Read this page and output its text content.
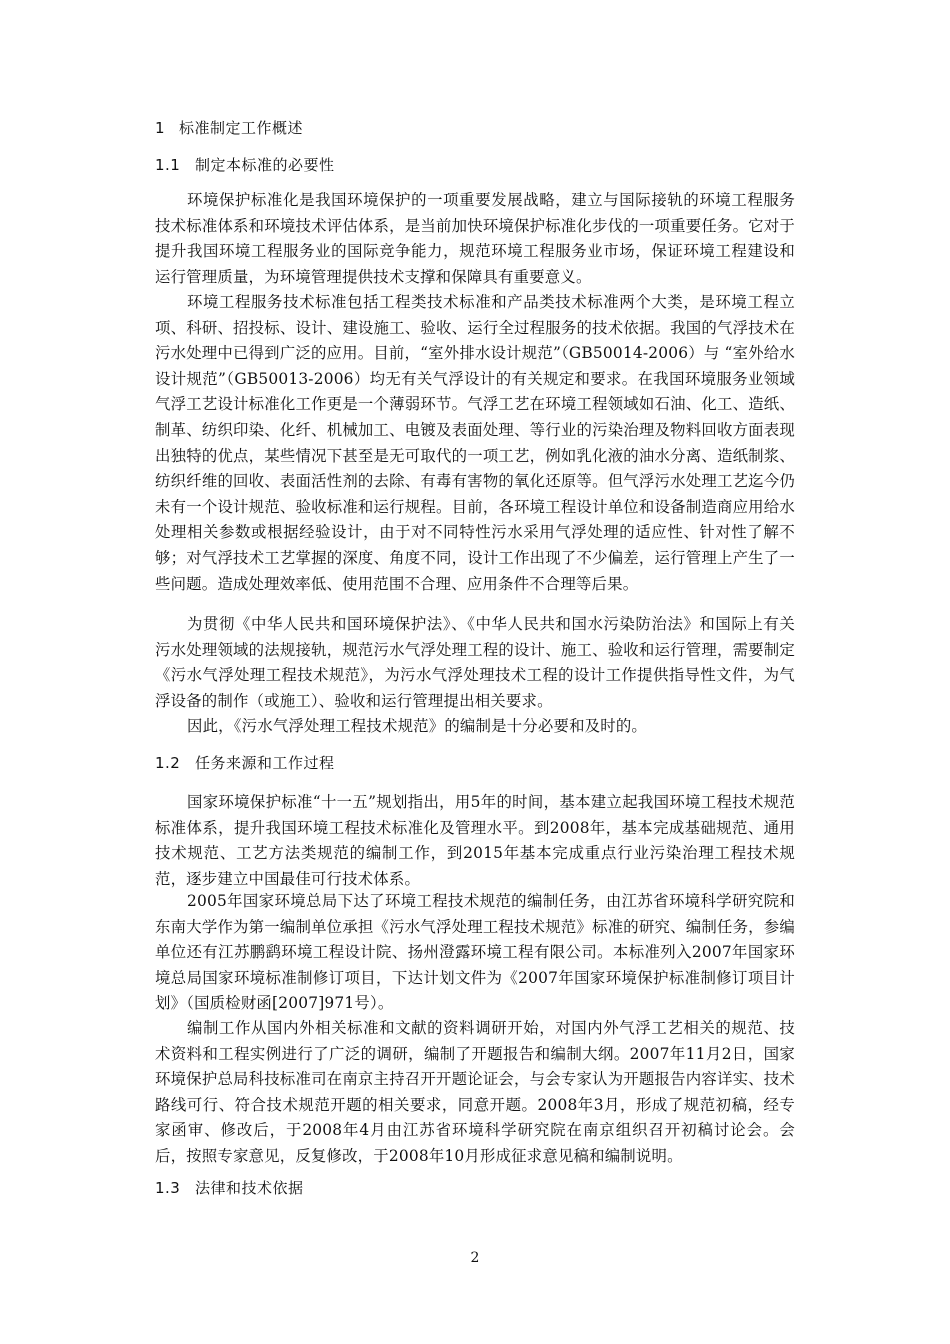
1 标准制定工作概述
1.1 制定本标准的必要性

环境保护标准化是我国环境保护的一项重要发展战略，建立与国际接轨的环境工程服务技术标准体系和环境技术评估体系，是当前加快环境保护标准化步伐的一项重要任务。它对于 提升我国环境工程服务业的国际竞争能力，规范环境工程服务业市场，保证环境工程建设和 运行管理质量，为环境管理提供技术支撑和保障具有重要意义。

环境工程服务技术标准包括工程类技术标准和产品类技术标准两个大类，是环境工程立项、科研、招投标、设计、建设施工、验收、运行全过程服务的技术依据。我国的气浮技术在污水处理中已得到广泛的应用。目前，“室外排水设计规范”（GB50014-2006）与 “室外给水设计规范”（GB50013-2006）均无有关气浮设计的有关规定和要求。在我国环境服务业领域气浮工艺设计标准化工作更是一个薄弱环节。气浮工艺在环境工程领域如石油、化工、造纸、制革、纺织印染、化纤、机械加工、电镀及表面处理、等行业的污染治理及物料回收方面表现出独特的优点，某些情况下甚至是无可取代的一项工艺，例如乳化液的油水分离、造纸制浆、纺织纤维的回收、表面活性剂的去除、有毒有害物的氧化还原等。但气浮污水处理工艺迄今仍未有一个设计规范、验收标准和运行规程。目前，各环境工程设计单位和设备制造商应用给水处理相关参数或根据经验设计，由于对不同特性污水采用气浮处理的适应性、针对性了解不够；对气浮技术工艺掌握的深度、角度不同，设计工作出现了不少偏差，运行管理上产生了一些问题。造成处理效率低、使用范围不合理、应用条件不合理等后果。

为贯彻《中华人民共和国环境保护法》、《中华人民共和国水污染防治法》和国际上有关污水处理领域的法规接轨，规范污水气浮处理工程的设计、施工、验收和运行管理，需要制定《污水气浮处理工程技术规范》，为污水气浮处理技术工程的设计工作提供指导性文件，为气浮设备的制作（或施工）、验收和运行管理提出相关要求。

因此，《污水气浮处理工程技术规范》的编制是十分必要和及时的。

1.2 任务来源和工作过程

国家环境保护标准“十一五”规划指出，用5年的时间，基本建立起我国环境工程技术规范标准体系，提升我国环境工程技术标准化及管理水平。到2008年，基本完成基础规范、通用技术规范、工艺方法类规范的编制工作，到2015年基本完成重点行业污染治理工程技术规范，逐步建立中国最佳可行技术体系。

2005年国家环境总局下达了环境工程技术规范的编制任务，由江苏省环境科学研究院和东南大学作为第一编制单位承担《污水气浮处理工程技术规范》标准的研究、编制任务，参编单位还有江苏鹏鹞环境工程设计院、扬州澄露环境工程有限公司。本标准列入2007年国家环境总局国家环境标准制修订项目，下达计划文件为《2007年国家环境保护标准制修订项目计划》（国质检财函[2007]971号）。

编制工作从国内外相关标准和文献的资料调研开始，对国内外气浮工艺相关的规范、技术资料和工程实例进行了广泛的调研，编制了开题报告和编制大纲。2007年11月2日，国家环境保护总局科技标准司在南京主持召开开题论证会，与会专家认为开题报告内容详实、技术路线可行、符合技术规范开题的相关要求，同意开题。2008年3月，形成了规范初稿，经专家函审、修改后，于2008年4月由江苏省环境科学研究院在南京组织召开初稿讨论会。会后，按照专家意见，反复修改，于2008年10月形成征求意见稿和编制说明。

1.3 法律和技术依据
2
